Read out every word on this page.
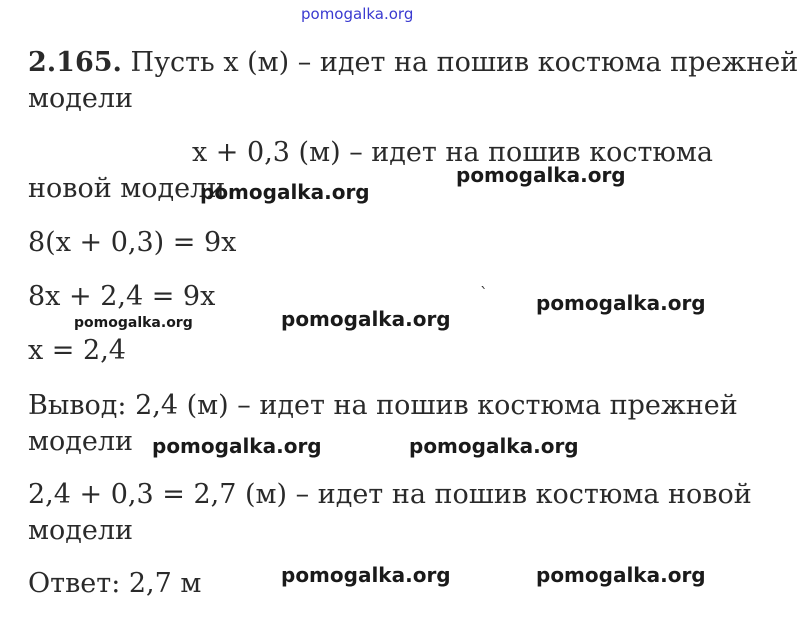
pomogalka.org
2.165. Пусть x (м) – идет на пошив костюма прежней
модели
x + 0,3 (м) – идет на пошив костюма
новой модели
pomogalka.org
pomogalka.org
8(x + 0,3) = 9x
8x + 2,4 = 9x	` pomogalka.org
pomogalka.org	pomogalka.org
x = 2,4
Вывод: 2,4 (м) – идет на пошив костюма прежней
модели pomogalka.org	pomogalka.org
2,4 + 0,3 = 2,7 (м) – идет на пошив костюма новой
модели
Ответ: 2,7 м	pomogalka.org	pomogalka.org
